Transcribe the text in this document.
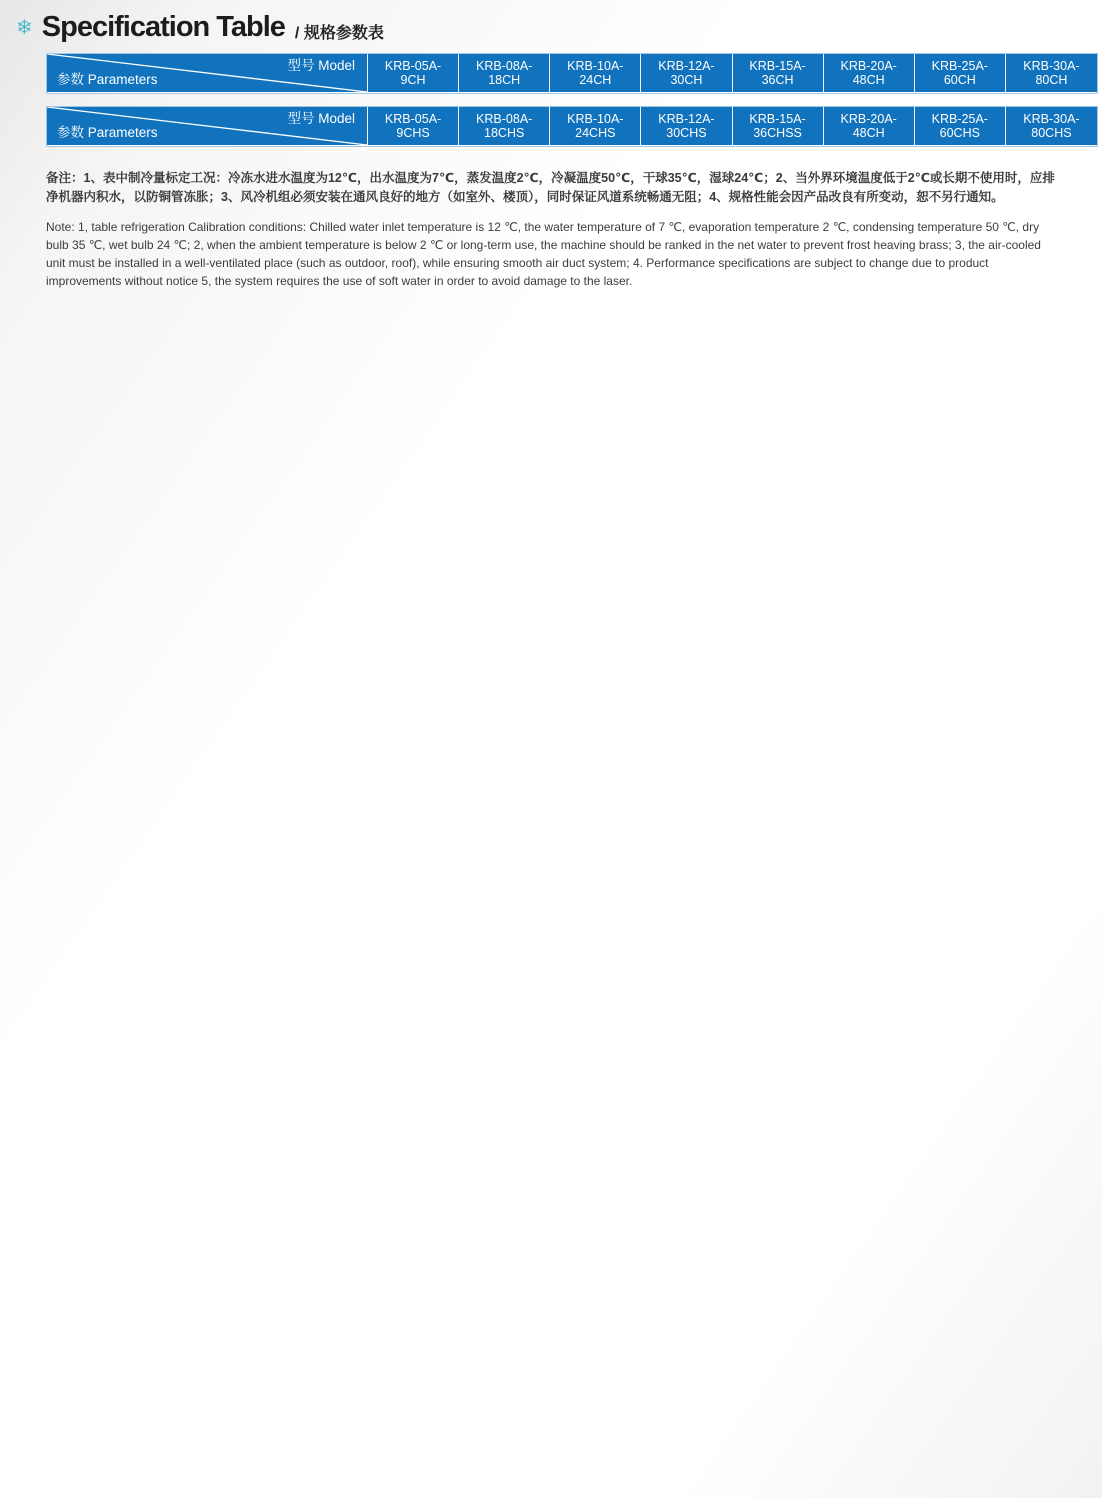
❄ Specification Table / 规格参数表
型号 Model
参数 Parameters
	KRB-05A-
9CH	KRB-08A-
18CH	KRB-10A-
24CH	KRB-12A-
30CH	KRB-15A-
36CH	KRB-20A-
48CH	KRB-25A-
60CH	KRB-30A-
80CH
型号 Model
参数 Parameters
	KRB-05A-
9CHS	KRB-08A-
18CHS	KRB-10A-
24CHS	KRB-12A-
30CHS	KRB-15A-
36CHSS	KRB-20A-
48CH	KRB-25A-
60CHS	KRB-30A-
80CHS

备注：1、表中制冷量标定工况：冷冻水进水温度为12℃，出水温度为7℃，蒸发温度2℃，冷凝温度50℃，干球35℃，湿球24℃；2、当外界环境温度低于2℃或长期不使用时，应排净机器内积水，以防铜管冻胀；3、风冷机组必须安装在通风良好的地方（如室外、楼顶），同时保证风道系统畅通无阻；4、规格性能会因产品改良有所变动，恕不另行通知。

Note: 1, table refrigeration Calibration conditions: Chilled water inlet temperature is 12 ℃, the water temperature of 7 ℃, evaporation temperature 2 ℃, condensing temperature 50 ℃, dry bulb 35 ℃, wet bulb 24 ℃; 2, when the ambient temperature is below 2 ℃ or long-term use, the machine should be ranked in the net water to prevent frost heaving brass; 3, the air-cooled unit must be installed in a well-ventilated place (such as outdoor, roof), while ensuring smooth air duct system; 4. Performance specifications are subject to change due to product improvements without notice 5, the system requires the use of soft water in order to avoid damage to the laser.
